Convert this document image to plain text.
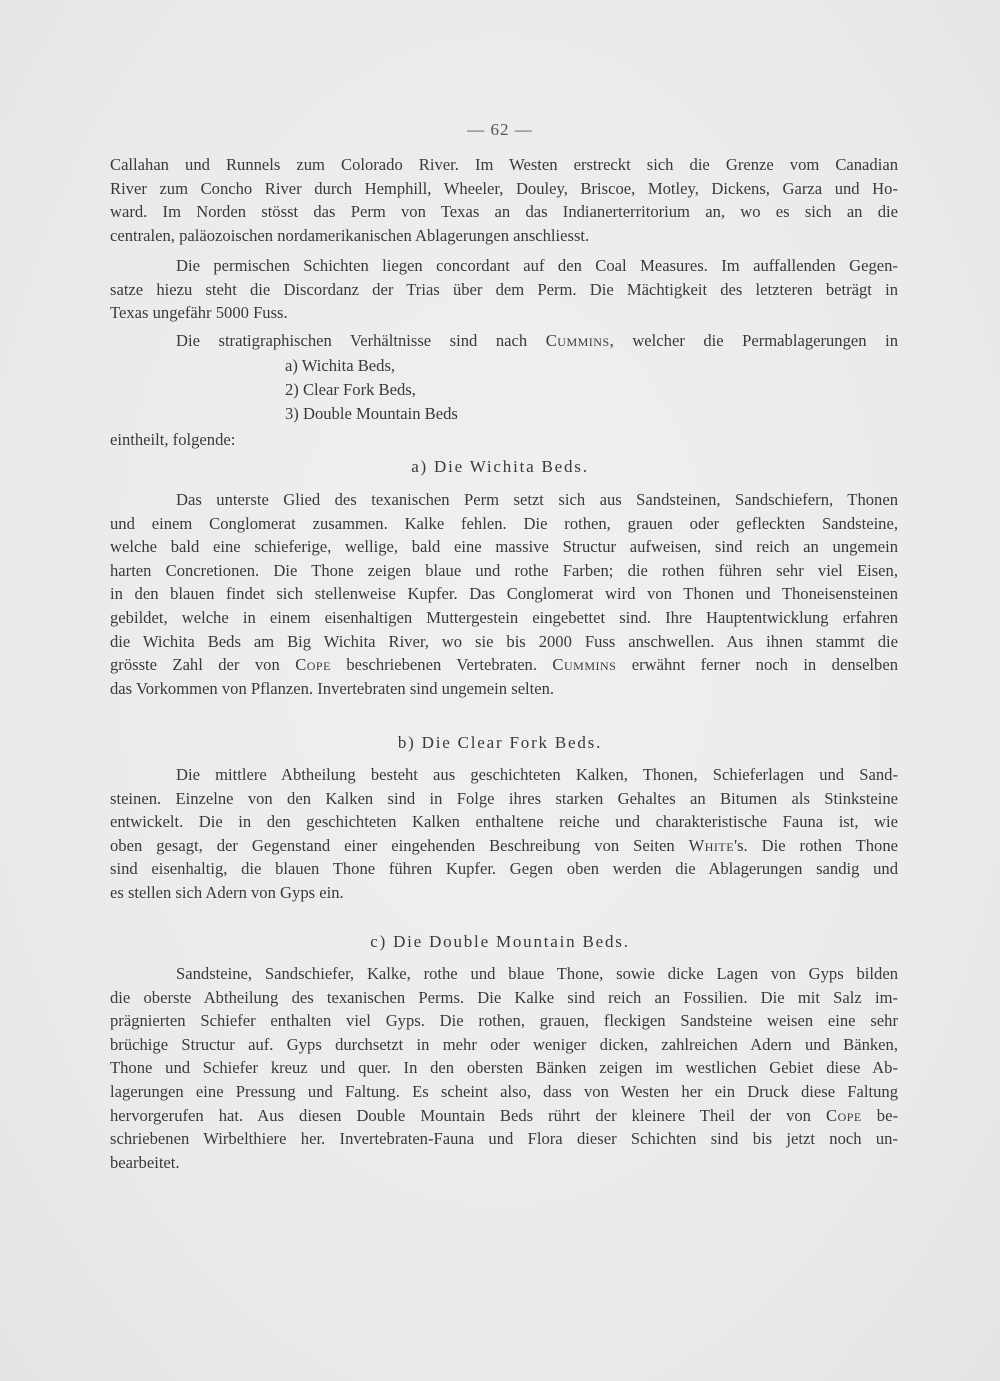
— 62 —
Callahan und Runnels zum Colorado River. Im Westen erstreckt sich die Grenze vom Canadian
River zum Concho River durch Hemphill, Wheeler, Douley, Briscoe, Motley, Dickens, Garza und Ho-
ward. Im Norden stösst das Perm von Texas an das Indianerterritorium an, wo es sich an die
centralen, paläozoischen nordamerikanischen Ablagerungen anschliesst.
Die permischen Schichten liegen concordant auf den Coal Measures. Im auffallenden Gegen-
satze hiezu steht die Discordanz der Trias über dem Perm. Die Mächtigkeit des letzteren beträgt in
Texas ungefähr 5000 Fuss.
Die stratigraphischen Verhältnisse sind nach Cummins, welcher die Permablagerungen in
a) Wichita Beds,
2) Clear Fork Beds,
3) Double Mountain Beds
eintheilt, folgende:
a) Die Wichita Beds.
Das unterste Glied des texanischen Perm setzt sich aus Sandsteinen, Sandschiefern, Thonen
und einem Conglomerat zusammen. Kalke fehlen. Die rothen, grauen oder gefleckten Sandsteine,
welche bald eine schieferige, wellige, bald eine massive Structur aufweisen, sind reich an ungemein
harten Concretionen. Die Thone zeigen blaue und rothe Farben; die rothen führen sehr viel Eisen,
in den blauen findet sich stellenweise Kupfer. Das Conglomerat wird von Thonen und Thoneisensteinen
gebildet, welche in einem eisenhaltigen Muttergestein eingebettet sind. Ihre Hauptentwicklung erfahren
die Wichita Beds am Big Wichita River, wo sie bis 2000 Fuss anschwellen. Aus ihnen stammt die
grösste Zahl der von Cope beschriebenen Vertebraten. Cummins erwähnt ferner noch in denselben
das Vorkommen von Pflanzen. Invertebraten sind ungemein selten.
b) Die Clear Fork Beds.
Die mittlere Abtheilung besteht aus geschichteten Kalken, Thonen, Schieferlagen und Sand-
steinen. Einzelne von den Kalken sind in Folge ihres starken Gehaltes an Bitumen als Stinksteine
entwickelt. Die in den geschichteten Kalken enthaltene reiche und charakteristische Fauna ist, wie
oben gesagt, der Gegenstand einer eingehenden Beschreibung von Seiten White's. Die rothen Thone
sind eisenhaltig, die blauen Thone führen Kupfer. Gegen oben werden die Ablagerungen sandig und
es stellen sich Adern von Gyps ein.
c) Die Double Mountain Beds.
Sandsteine, Sandschiefer, Kalke, rothe und blaue Thone, sowie dicke Lagen von Gyps bilden
die oberste Abtheilung des texanischen Perms. Die Kalke sind reich an Fossilien. Die mit Salz im-
prägnierten Schiefer enthalten viel Gyps. Die rothen, grauen, fleckigen Sandsteine weisen eine sehr
brüchige Structur auf. Gyps durchsetzt in mehr oder weniger dicken, zahlreichen Adern und Bänken,
Thone und Schiefer kreuz und quer. In den obersten Bänken zeigen im westlichen Gebiet diese Ab-
lagerungen eine Pressung und Faltung. Es scheint also, dass von Westen her ein Druck diese Faltung
hervorgerufen hat. Aus diesen Double Mountain Beds rührt der kleinere Theil der von Cope be-
schriebenen Wirbelthiere her. Invertebraten-Fauna und Flora dieser Schichten sind bis jetzt noch un-
bearbeitet.
